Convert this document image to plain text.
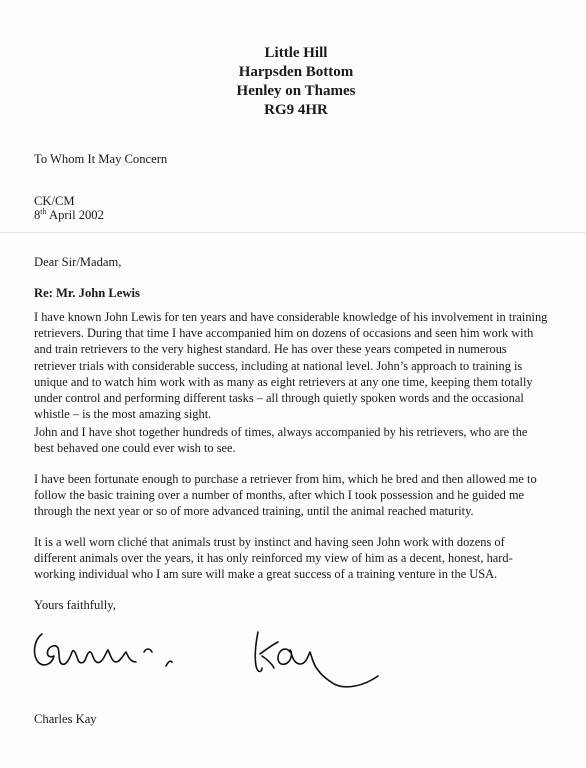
Little Hill
Harpsden Bottom
Henley on Thames
RG9 4HR
To Whom It May Concern
CK/CM
8th April 2002
Dear Sir/Madam,
Re: Mr. John Lewis
I have known John Lewis for ten years and have considerable knowledge of his involvement in training
retrievers. During that time I have accompanied him on dozens of occasions and seen him work with
and train retrievers to the very highest standard. He has over these years competed in numerous
retriever trials with considerable success, including at national level. John’s approach to training is
unique and to watch him work with as many as eight retrievers at any one time, keeping them totally
under control and performing different tasks – all through quietly spoken words and the occasional
whistle – is the most amazing sight.
John and I have shot together hundreds of times, always accompanied by his retrievers, who are the
best behaved one could ever wish to see.
I have been fortunate enough to purchase a retriever from him, which he bred and then allowed me to
follow the basic training over a number of months, after which I took possession and he guided me
through the next year or so of more advanced training, until the animal reached maturity.
It is a well worn cliché that animals trust by instinct and having seen John work with dozens of
different animals over the years, it has only reinforced my view of him as a decent, honest, hard-
working individual who I am sure will make a great success of a training venture in the USA.
Yours faithfully,
Charles Kay
